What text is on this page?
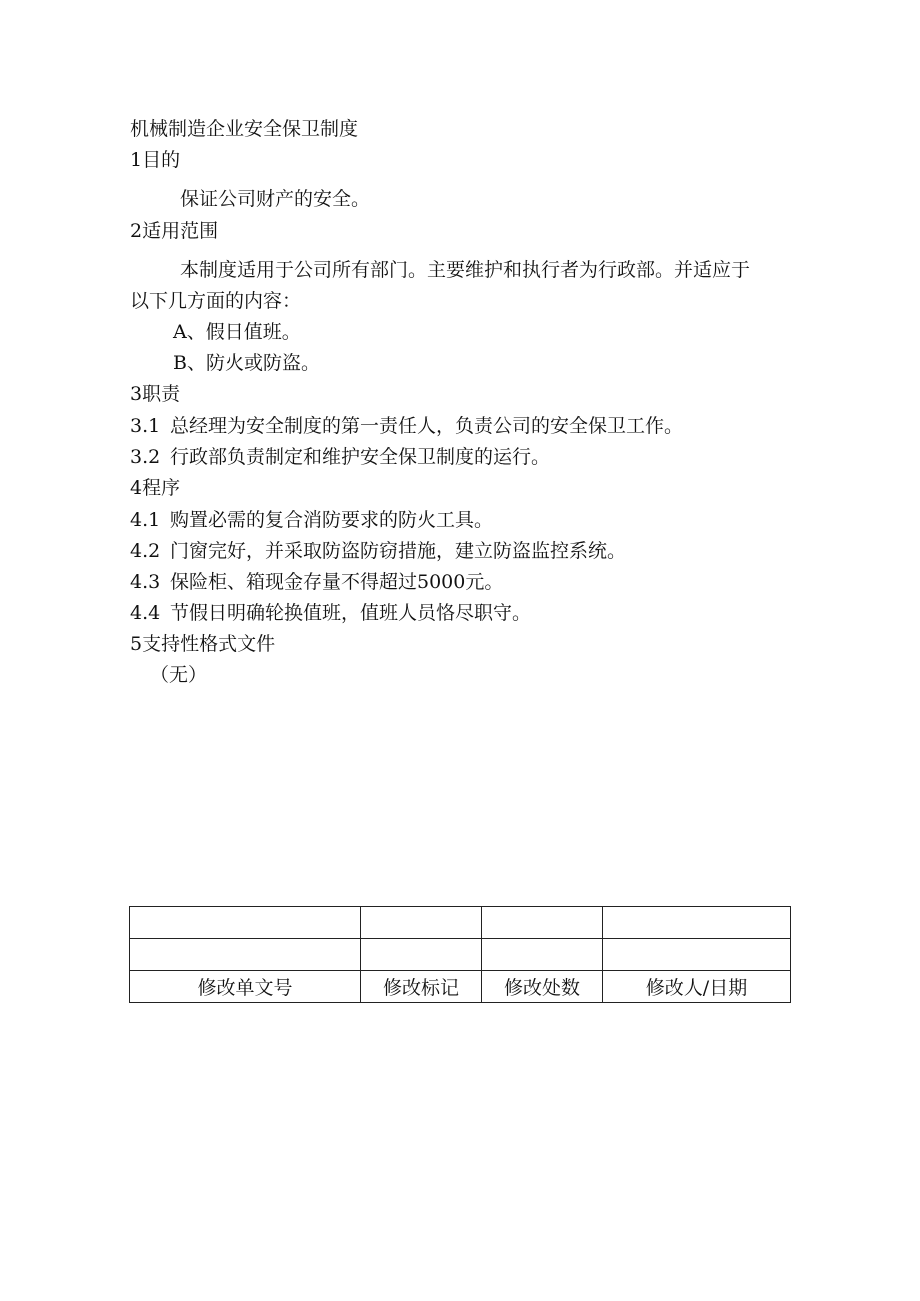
机械制造企业安全保卫制度
1目的
保证公司财产的安全。
2适用范围
本制度适用于公司所有部门。主要维护和执行者为行政部。并适应于
以下几方面的内容：
A、假日值班。
B、防火或防盗。
3职责
3.1 总经理为安全制度的第一责任人，负责公司的安全保卫工作。
3.2 行政部负责制定和维护安全保卫制度的运行。
4程序
4.1 购置必需的复合消防要求的防火工具。
4.2 门窗完好，并采取防盗防窃措施，建立防盗监控系统。
4.3 保险柜、箱现金存量不得超过5000元。
4.4 节假日明确轮换值班，值班人员恪尽职守。
5支持性格式文件
（无）

修改单文号	修改标记	修改处数	修改人/日期
